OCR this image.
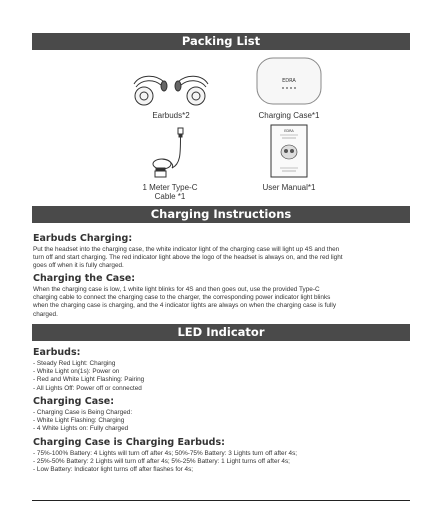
Packing List
Earbuds*2
EDRA
Charging Case*1
1 Meter Type-C
Cable *1
EDRA
User Manual*1
Charging Instructions
Earbuds Charging:
Put the headset into the charging case, the white indicator light of the charging case will light up 4S and then
turn off and start charging. The red indicator light above the logo of the headset is always on, and the red light
goes off when it is fully charged.
Charging the Case:
When the charging case is low, 1 white light blinks for 4S and then goes out, use the provided Type-C
charging cable to connect the charging case to the charger, the corresponding power indicator light blinks
when the charging case is charging, and the 4 indicator lights are always on when the charging case is fully
charged.
LED Indicator
Earbuds:
- Steady Red Light: Charging
- White Light on(1s): Power on
- Red and White Light Flashing: Pairing
- All Lights Off: Power off or connected
Charging Case:
- Charging Case is Being Charged:
- White Light Flashing: Charging
- 4 White Lights on: Fully charged
Charging Case is Charging Earbuds:
- 75%-100% Battery: 4 Lights will turn off after 4s; 50%-75% Battery: 3 Lights turn off after 4s;
- 25%-50% Battery: 2 Lights will turn off after 4s; 5%-25% Battery: 1 Light turns off after 4s;
- Low Battery: Indicator light turns off after flashes for 4s;
